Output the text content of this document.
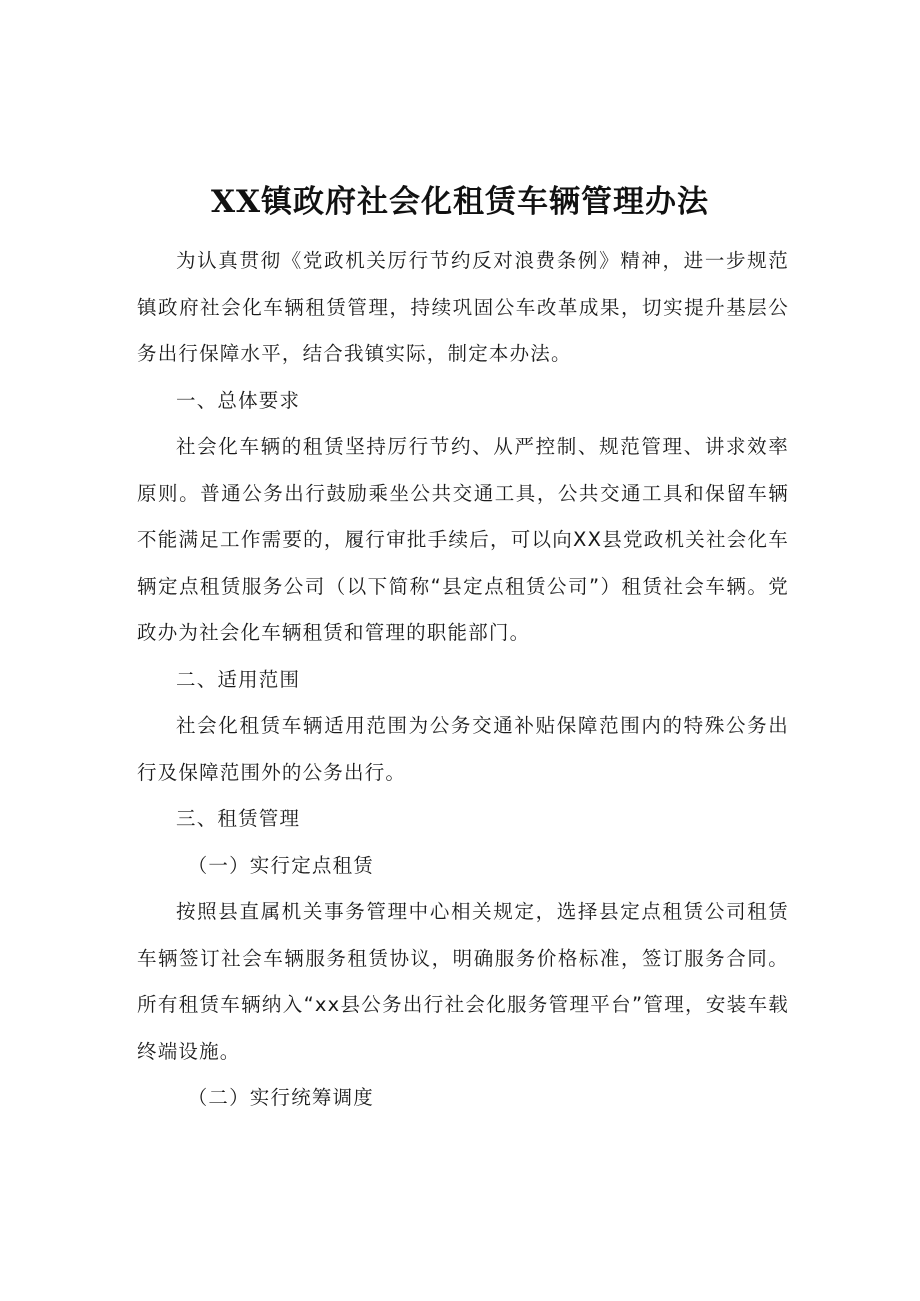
XX镇政府社会化租赁车辆管理办法

为认真贯彻《党政机关厉行节约反对浪费条例》精神，进一步规范镇政府社会化车辆租赁管理，持续巩固公车改革成果，切实提升基层公务出行保障水平，结合我镇实际，制定本办法。

一、总体要求

社会化车辆的租赁坚持厉行节约、从严控制、规范管理、讲求效率原则。普通公务出行鼓励乘坐公共交通工具，公共交通工具和保留车辆不能满足工作需要的，履行审批手续后，可以向XX县党政机关社会化车辆定点租赁服务公司（以下简称“县定点租赁公司”）租赁社会车辆。党政办为社会化车辆租赁和管理的职能部门。

二、适用范围

社会化租赁车辆适用范围为公务交通补贴保障范围内的特殊公务出行及保障范围外的公务出行。

三、租赁管理

（一）实行定点租赁

按照县直属机关事务管理中心相关规定，选择县定点租赁公司租赁车辆签订社会车辆服务租赁协议，明确服务价格标准，签订服务合同。所有租赁车辆纳入“xx县公务出行社会化服务管理平台”管理，安装车载终端设施。

（二）实行统筹调度
